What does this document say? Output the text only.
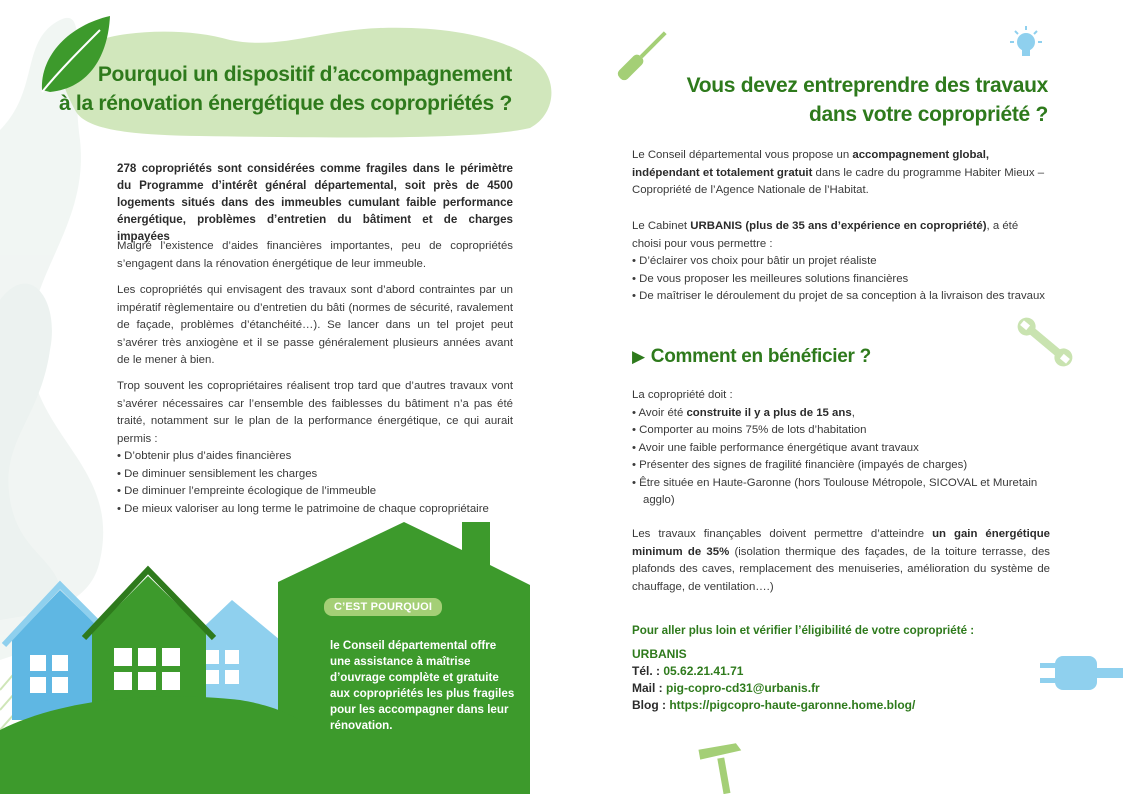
Pourquoi un dispositif d’accompagnement
à la rénovation énergétique des copropriétés ?

278 copropriétés sont considérées comme fragiles dans le périmètre du Programme d’intérêt général départemental, soit près de 4500 logements situés dans des immeubles cumulant faible performance énergétique, problèmes d’entretien du bâtiment et de charges impayées

Malgré l’existence d’aides financières importantes, peu de copropriétés s’engagent dans la rénovation énergétique de leur immeuble.

Les copropriétés qui envisagent des travaux sont d’abord contraintes par un impératif règlementaire ou d’entretien du bâti (normes de sécurité, ravalement de façade, problèmes d’étanchéité…). Se lancer dans un tel projet peut s’avérer très anxiogène et il se passe généralement plusieurs années avant de le mener à bien.

Trop souvent les copropriétaires réalisent trop tard que d’autres travaux vont s’avérer nécessaires car l’ensemble des faiblesses du bâtiment n’a pas été traité, notamment sur le plan de la performance énergétique, ce qui aurait permis :
• D’obtenir plus d’aides financières
• De diminuer sensiblement les charges
• De diminuer l’empreinte écologique de l’immeuble
• De mieux valoriser au long terme le patrimoine de chaque copropriétaire
C’EST POURQUOI

le Conseil départemental offre une assistance à maîtrise d’ouvrage complète et gratuite aux copropriétés les plus fragiles pour les accompagner dans leur rénovation.

Vous devez entreprendre des travaux
dans votre copropriété ?

Le Conseil départemental vous propose un accompagnement global, indépendant et totalement gratuit dans le cadre du programme Habiter Mieux – Copropriété de l’Agence Nationale de l’Habitat.

Le Cabinet URBANIS (plus de 35 ans d’expérience en copropriété), a été choisi pour vous permettre :
• D’éclairer vos choix pour bâtir un projet réaliste
• De vous proposer les meilleures solutions financières
• De maîtriser le déroulement du projet de sa conception à la livraison des travaux
▶ Comment en bénéficier ?
La copropriété doit :
• Avoir été construite il y a plus de 15 ans,
• Comporter au moins 75% de lots d’habitation
• Avoir une faible performance énergétique avant travaux
• Présenter des signes de fragilité financière (impayés de charges)
• Être située en Haute-Garonne (hors Toulouse Métropole, SICOVAL et Muretain agglo)

Les travaux finançables doivent permettre d’atteindre un gain énergétique minimum de 35% (isolation thermique des façades, de la toiture terrasse, des plafonds des caves, remplacement des menuiseries, amélioration du système de chauffage, de ventilation….)

Pour aller plus loin et vérifier l’éligibilité de votre copropriété :

URBANIS
Tél. : 05.62.21.41.71
Mail : pig-copro-cd31@urbanis.fr
Blog : https://pigcopro-haute-garonne.home.blog/
